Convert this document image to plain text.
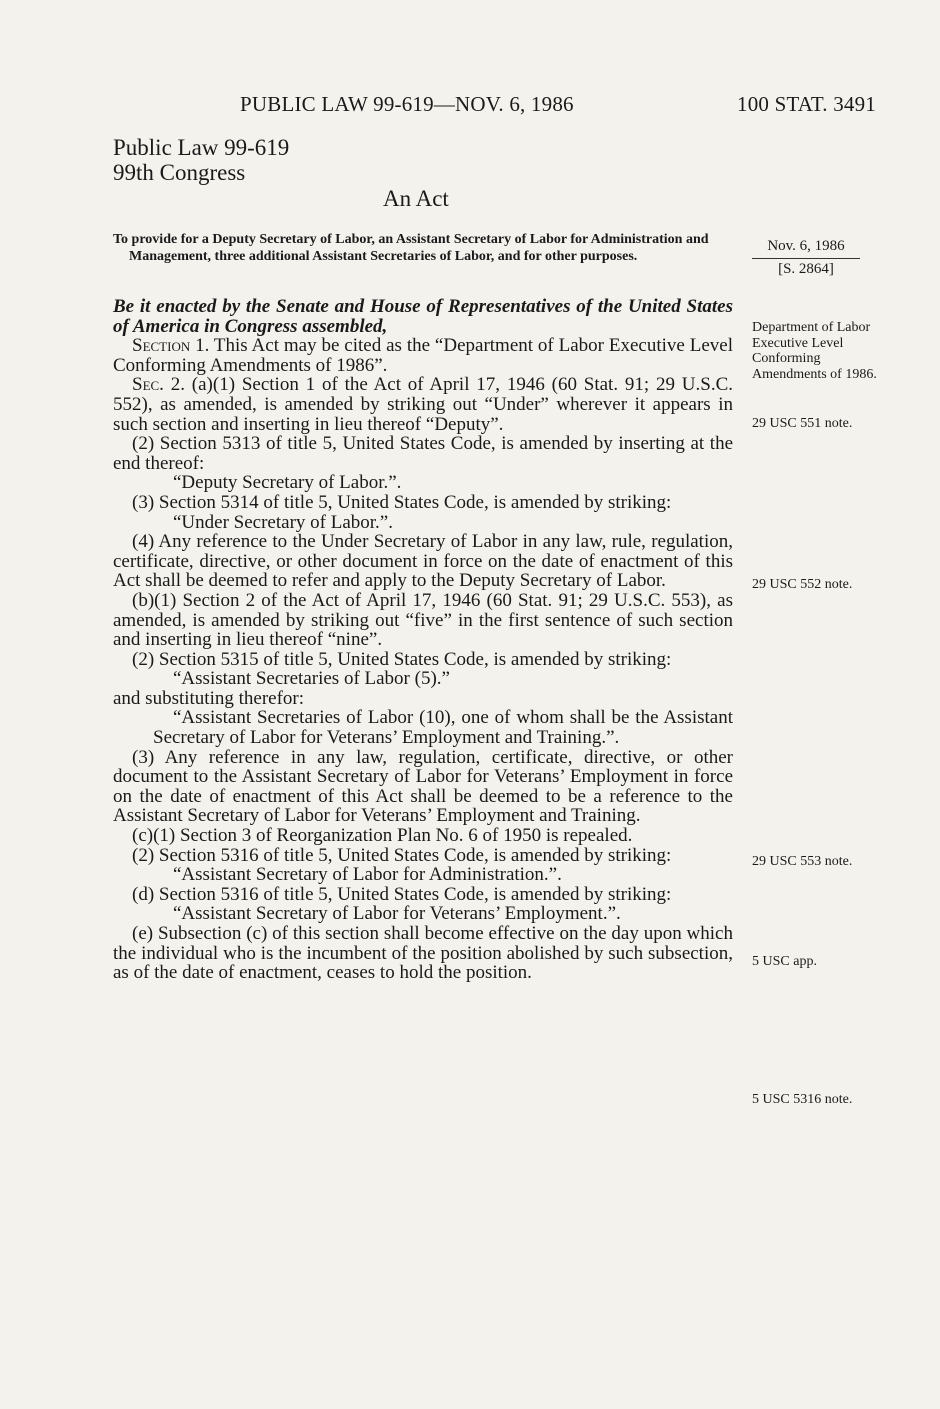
PUBLIC LAW 99-619—NOV. 6, 1986	100 STAT. 3491
Public Law 99-619
99th Congress
An Act
To provide for a Deputy Secretary of Labor, an Assistant Secretary of Labor for Administration and Management, three additional Assistant Secretaries of Labor, and for other purposes.
Nov. 6, 1986
[S. 2864]

Be it enacted by the Senate and House of Representatives of the United States of America in Congress assembled,

Section 1. This Act may be cited as the “Department of Labor Executive Level Conforming Amendments of 1986”.

Sec. 2. (a)(1) Section 1 of the Act of April 17, 1946 (60 Stat. 91; 29 U.S.C. 552), as amended, is amended by striking out “Under” wherever it appears in such section and inserting in lieu thereof “Deputy”.

(2) Section 5313 of title 5, United States Code, is amended by inserting at the end thereof:

“Deputy Secretary of Labor.”.

(3) Section 5314 of title 5, United States Code, is amended by striking:

“Under Secretary of Labor.”.

(4) Any reference to the Under Secretary of Labor in any law, rule, regulation, certificate, directive, or other document in force on the date of enactment of this Act shall be deemed to refer and apply to the Deputy Secretary of Labor.

(b)(1) Section 2 of the Act of April 17, 1946 (60 Stat. 91; 29 U.S.C. 553), as amended, is amended by striking out “five” in the first sentence of such section and inserting in lieu thereof “nine”.

(2) Section 5315 of title 5, United States Code, is amended by striking:

“Assistant Secretaries of Labor (5).”

and substituting therefor:

“Assistant Secretaries of Labor (10), one of whom shall be the Assistant Secretary of Labor for Veterans’ Employment and Training.”.

(3) Any reference in any law, regulation, certificate, directive, or other document to the Assistant Secretary of Labor for Veterans’ Employment in force on the date of enactment of this Act shall be deemed to be a reference to the Assistant Secretary of Labor for Veterans’ Employment and Training.

(c)(1) Section 3 of Reorganization Plan No. 6 of 1950 is repealed.

(2) Section 5316 of title 5, United States Code, is amended by striking:

“Assistant Secretary of Labor for Administration.”.

(d) Section 5316 of title 5, United States Code, is amended by striking:

“Assistant Secretary of Labor for Veterans’ Employment.”.

(e) Subsection (c) of this section shall become effective on the day upon which the individual who is the incumbent of the position abolished by such subsection, as of the date of enactment, ceases to hold the position.

Department of Labor Executive Level Conforming Amendments of 1986.
29 USC 551 note.
29 USC 552 note.
29 USC 553 note.
5 USC app.
5 USC 5316 note.
